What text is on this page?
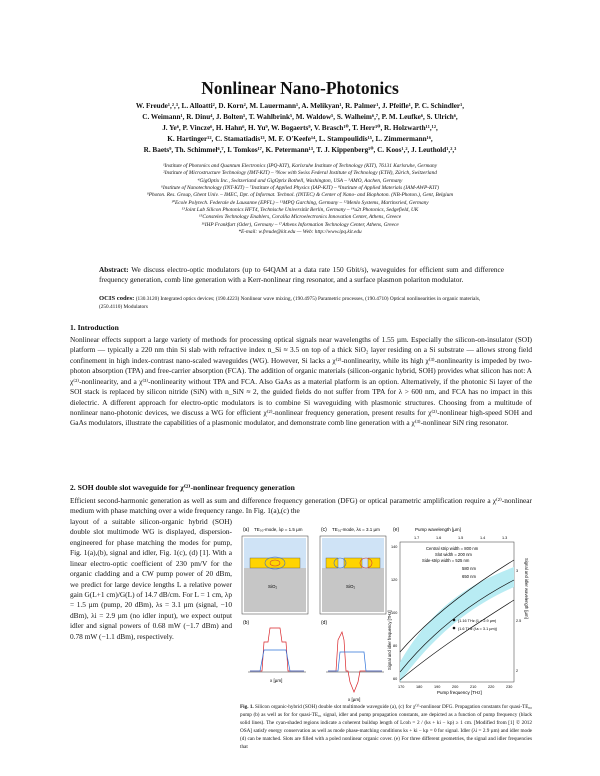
Nonlinear Nano-Photonics
W. Freude¹,²,³, L. Alloatti², D. Korn², M. Lauermann¹, A. Melikyan¹, R. Palmer¹, J. Pfeifle¹, P. C. Schindler¹,
C. Weimann¹, R. Dinu⁴, J. Bolten⁵, T. Wahlbrink⁵, M. Waldow⁵, S. Walheim⁶,⁷, P. M. Leufke⁶, S. Ulrich⁶,
J. Ye⁶, P. Vincze⁶, H. Hahn⁶, H. Yu⁹, W. Bogaerts⁹, V. Brasch¹⁰, T. Herr¹⁰, R. Holzwarth¹¹,¹²,
K. Hartinger¹², C. Stamatiadis¹³, M. F. O'Keefe¹⁴, L. Stampoulidis¹⁵, L. Zimmermann¹⁶,
R. Baets⁹, Th. Schimmel⁶,⁷, I. Tomkos¹⁷, K. Petermann¹³, T. J. Kippenberg¹⁰, C. Koos¹,², J. Leuthold¹,²,³
¹Institute of Photonics and Quantum Electronics (IPQ-KIT), Karlsruhe Institute of Technology (KIT), 76131 Karlsruhe, Germany
²Institute of Microstructure Technology (IMT-KIT) – ³Now with Swiss Federal Institute of Technology (ETH), Zürich, Switzerland
⁴GigOptix Inc., Switzerland and GigOptix Bothell, Washington, USA – ⁵AMO, Aachen, Germany
⁶Institute of Nanotechnology (INT-KIT) – ⁷Institute of Applied Physics (IAP-KIT) – ⁸Institute of Applied Materials (IAM-AWP-KIT)
⁹Photon. Res. Group, Ghent Univ. – IMEC, Dpt. of Informat. Technol. (INTEC) & Center of Nano- and Biophoton. (NB-Photon.), Gent, Belgium
¹⁰Ecole Polytech. Federale de Lausanne (EPFL) – ¹¹MPQ Garching, Germany – ¹²Menlo Systems, Martinsried, Germany
¹³Joint Lab Silicon Photonics HFT4, Technische Universität Berlin, Germany – ¹⁴u2t Photonics, Sedgefield, UK
¹⁵Constelex Technology Enablers, Corallia Microelectronics Innovation Center, Athens, Greece
¹⁶IHP Frankfurt (Oder), Germany – ¹⁷Athens Information Technology Center, Athens, Greece
*E-mail: w.freude@kit.edu — Web: http://www.ipq.kit.edu
Abstract: We discuss electro-optic modulators (up to 64QAM at a data rate 150 Gbit/s), waveguides for efficient sum and difference frequency generation, comb line generation with a Kerr-nonlinear ring resonator, and a surface plasmon polariton modulator.
OCIS codes: (130.3120) Integrated optics devices; (190.4223) Nonlinear wave mixing, (190.4975) Parametric processes, (190.4710) Optical nonlinearities in organic materials, (250.4110) Modulators
1. Introduction
Nonlinear effects support a large variety of methods for processing optical signals near wavelengths of 1.55 µm. Especially the silicon-on-insulator (SOI) platform — typically a 220 nm thin Si slab with refractive index n_Si ≈ 3.5 on top of a thick SiO₂ layer residing on a Si substrate — allows strong field confinement in high index-contrast nano-scaled waveguides (WG). However, Si lacks a χ⁽²⁾-nonlinearity, while its high χ⁽³⁾-nonlinearity is impeded by two-photon absorption (TPA) and free-carrier absorption (FCA). The addition of organic materials (silicon-organic hybrid, SOH) provides what silicon has not: A χ⁽²⁾-nonlinearity, and a χ⁽³⁾-nonlinearity without TPA and FCA. Also GaAs as a material platform is an option. Alternatively, if the photonic Si layer of the SOI stack is replaced by silicon nitride (SiN) with n_SiN ≈ 2, the guided fields do not suffer from TPA for λ > 600 nm, and FCA has no impact in this dielectric. A different approach for electro-optic modulators is to combine Si waveguiding with plasmonic structures. Choosing from a multitude of nonlinear nano-photonic devices, we discuss a WG for efficient χ⁽²⁾-nonlinear frequency generation, present results for χ⁽²⁾-nonlinear high-speed SOH and GaAs modulators, illustrate the capabilities of a plasmonic modulator, and demonstrate comb line generation with a χ⁽³⁾-nonlinear SiN ring resonator.
2. SOH double slot waveguide for χ⁽²⁾-nonlinear frequency generation
Efficient second-harmonic generation as well as sum and difference frequency generation (DFG) or optical parametric amplification require a χ⁽²⁾-nonlinear medium with phase matching over a wide frequency range. In Fig. 1(a),(c) the
layout of a suitable silicon-organic hybrid (SOH) double slot multimode WG is displayed, dispersion-engineered for phase matching the modes for pump, Fig. 1(a),(b), signal and idler, Fig. 1(c), (d) [1]. With a linear electro-optic coefficient of 230 pm/V for the organic cladding and a CW pump power of 20 dBm, we predict for large device lengths L a relative power gain G(L+1 cm)/G(L) of 14.7 dB/cm. For L = 1 cm, λp = 1.5 µm (pump, 20 dBm), λs = 3.1 µm (signal, −10 dBm), λi = 2.9 µm (no idler input), we expect output idler and signal powers of 0.68 mW (−1.7 dBm) and 0.78 mW (−1.1 dBm), respectively.
(a) TE₀₀-mode, λp = 1.5 µm
SiO₂
(b)
x [µm]
(c) TE₀₁-mode, λs = 3.1 µm
SiO₂
(d)
x [µm]
(e)	Pump wavelength [µm]
Central strip width = 800 nm
Slot width = 200 nm
Side-strip width = 525 nm
580 nm
650 nm
(1.16 THz (1 = 2.9 µm)
(1.6 THz (λs = 3.1 µm))
Pump frequency [THz]
Signal and idler frequency [THz]
Signal and idler wavelength [µm]
1.7	1.6	1.5	1.4	1.3
170	180	190	200	210	220	230
60
80
100
120
140
3
2.5
2
Fig. 1. Silicon organic-hybrid (SOH) double slot multimode waveguide (a), (c) for χ⁽²⁾-nonlinear DFG. Propagation constants for quasi-TE₀₀ pump (b) as well as for for quasi-TE₀₁ signal, idler and pump propagation constants, are depicted as a function of pump frequency (black solid lines). The cyan-shaded regions indicate a coherent buildup length of Lcoh = 2 / (ks + ki − kp) ≥ 1 cm. [Modified from [1] © 2012 OSA] satisfy energy conservation as well as mode phase-matching conditions ks + ki − kp = 0 for signal. Idler (λi = 2.9 µm) and idler mode (d) can be matched. Slots are filled with a poled nonlinear organic cover. (e) For three different geometries, the signal and idler frequencies that
